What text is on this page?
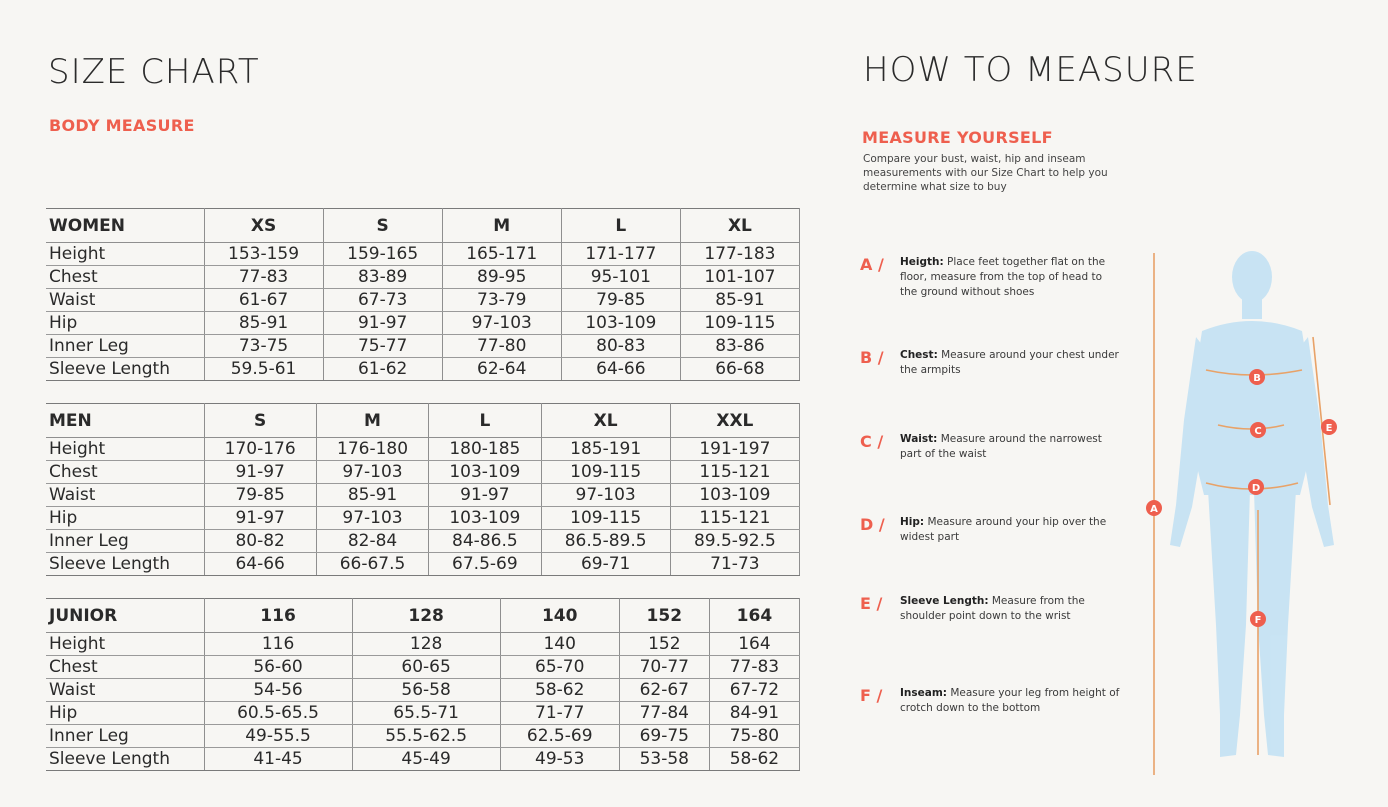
SIZE CHART
BODY MEASURE
WOMEN	XS	S	M	L	XL
Height	153-159	159-165	165-171	171-177	177-183
Chest	77-83	83-89	89-95	95-101	101-107
Waist	61-67	67-73	73-79	79-85	85-91
Hip	85-91	91-97	97-103	103-109	109-115
Inner Leg	73-75	75-77	77-80	80-83	83-86
Sleeve Length	59.5-61	61-62	62-64	64-66	66-68
MEN	S	M	L	XL	XXL
Height	170-176	176-180	180-185	185-191	191-197
Chest	91-97	97-103	103-109	109-115	115-121
Waist	79-85	85-91	91-97	97-103	103-109
Hip	91-97	97-103	103-109	109-115	115-121
Inner Leg	80-82	82-84	84-86.5	86.5-89.5	89.5-92.5
Sleeve Length	64-66	66-67.5	67.5-69	69-71	71-73
JUNIOR	116	128	140	152	164
Height	116	128	140	152	164
Chest	56-60	60-65	65-70	70-77	77-83
Waist	54-56	56-58	58-62	62-67	67-72
Hip	60.5-65.5	65.5-71	71-77	77-84	84-91
Inner Leg	49-55.5	55.5-62.5	62.5-69	69-75	75-80
Sleeve Length	41-45	45-49	49-53	53-58	58-62
HOW TO MEASURE
MEASURE YOURSELF
Compare your bust, waist, hip and inseam measurements with our Size Chart to help you determine what size to buy
A / Heigth: Place feet together flat on the floor, measure from the top of head to the ground without shoes
B / Chest: Measure around your chest under the armpits
C / Waist: Measure around the narrowest part of the waist
D / Hip: Measure around your hip over the widest part
E / Sleeve Length: Measure from the shoulder point down to the wrist
F / Inseam: Measure your leg from height of crotch down to the bottom
A
B
C
D
E
F
